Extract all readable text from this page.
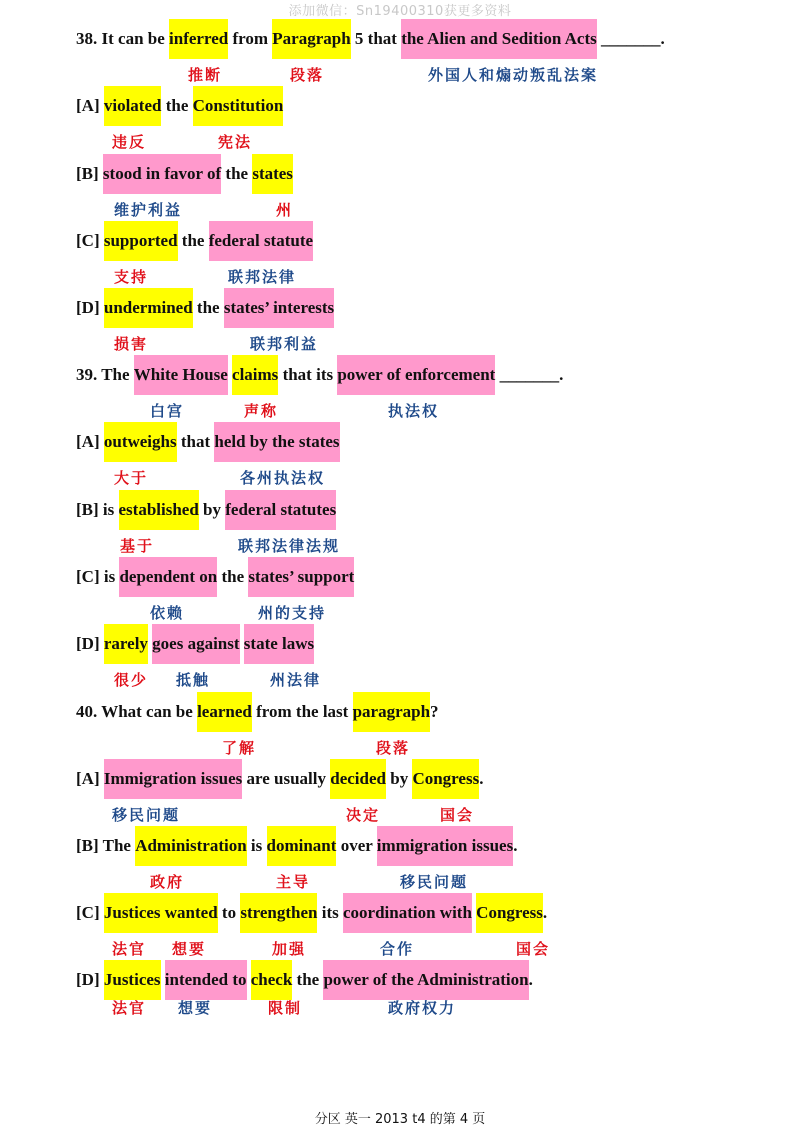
添加微信：Sn19400310获更多资料
38. It can be inferred from Paragraph 5 that the Alien and Sedition Acts _______.
推断	段落	外国人和煽动叛乱法案
[A] violated the Constitution
违反	宪法
[B] stood in favor of the states
维护利益	州
[C] supported the federal statute
支持	联邦法律
[D] undermined the states’ interests
损害	联邦利益
39. The White House claims that its power of enforcement _______.
白宫	声称	执法权
[A] outweighs that held by the states
大于	各州执法权
[B] is established by federal statutes
基于	联邦法律法规
[C] is dependent on the states’ support
依赖	州的支持
[D] rarely goes against state laws
很少 抵触	州法律
40. What can be learned from the last paragraph?
了解	段落
[A] Immigration issues are usually decided by Congress.
移民问题	决定	国会
[B] The Administration is dominant over immigration issues.
政府	主导	移民问题
[C] Justices wanted to strengthen its coordination with Congress.
法官 想要	加强	合作	国会
[D] Justices intended to check the power of the Administration.
法官 想要	限制	政府权力
分区 英一 2013 t4 的第 4 页
